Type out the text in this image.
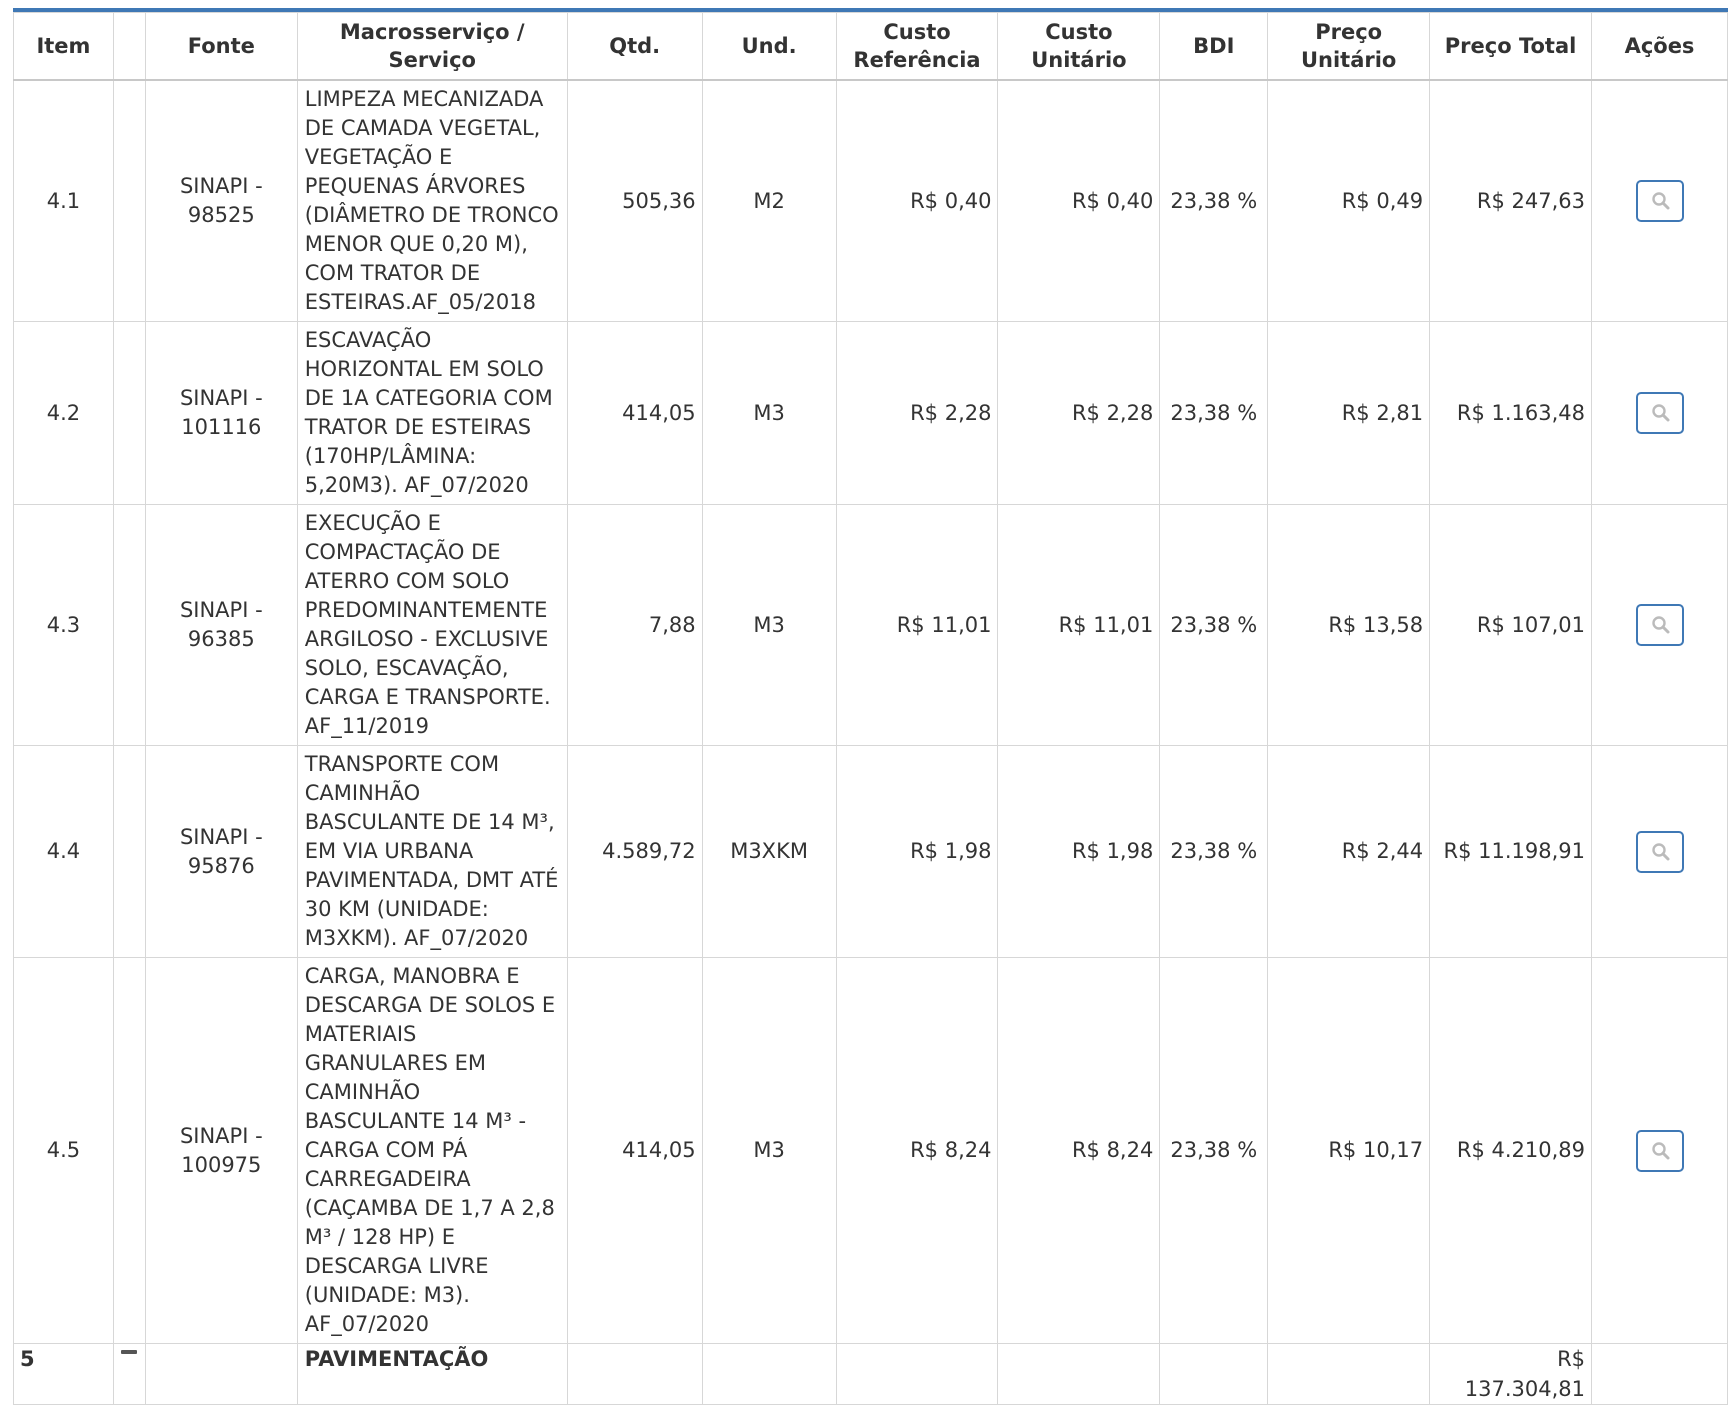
Item		Fonte	Macrosserviço / Serviço	Qtd.	Und.	Custo Referência	Custo Unitário	BDI	Preço Unitário	Preço Total	Ações
4.1		SINAPI - 98525	LIMPEZA MECANIZADA DE CAMADA VEGETAL, VEGETAÇÃO E PEQUENAS ÁRVORES (DIÂMETRO DE TRONCO MENOR QUE 0,20 M), COM TRATOR DE ESTEIRAS.AF_05/2018	505,36	M2	R$ 0,40	R$ 0,40	23,38 %	R$ 0,49	R$ 247,63	

4.2		SINAPI - 101116	ESCAVAÇÃO HORIZONTAL EM SOLO DE 1A CATEGORIA COM TRATOR DE ESTEIRAS (170HP/LÂMINA: 5,20M3). AF_07/2020	414,05	M3	R$ 2,28	R$ 2,28	23,38 %	R$ 2,81	R$ 1.163,48	

4.3		SINAPI - 96385	EXECUÇÃO E COMPACTAÇÃO DE ATERRO COM SOLO PREDOMINANTEMENTE ARGILOSO - EXCLUSIVE SOLO, ESCAVAÇÃO, CARGA E TRANSPORTE. AF_11/2019	7,88	M3	R$ 11,01	R$ 11,01	23,38 %	R$ 13,58	R$ 107,01	

4.4		SINAPI - 95876	TRANSPORTE COM CAMINHÃO BASCULANTE DE 14 M³, EM VIA URBANA PAVIMENTADA, DMT ATÉ 30 KM (UNIDADE: M3XKM). AF_07/2020	4.589,72	M3XKM	R$ 1,98	R$ 1,98	23,38 %	R$ 2,44	R$ 11.198,91	

4.5		SINAPI - 100975	CARGA, MANOBRA E DESCARGA DE SOLOS E MATERIAIS GRANULARES EM CAMINHÃO BASCULANTE 14 M³ - CARGA COM PÁ CARREGADEIRA (CAÇAMBA DE 1,7 A 2,8 M³ / 128 HP) E DESCARGA LIVRE (UNIDADE: M3). AF_07/2020	414,05	M3	R$ 8,24	R$ 8,24	23,38 %	R$ 10,17	R$ 4.210,89	

5			PAVIMENTAÇÃO							R$ 137.304,81	
